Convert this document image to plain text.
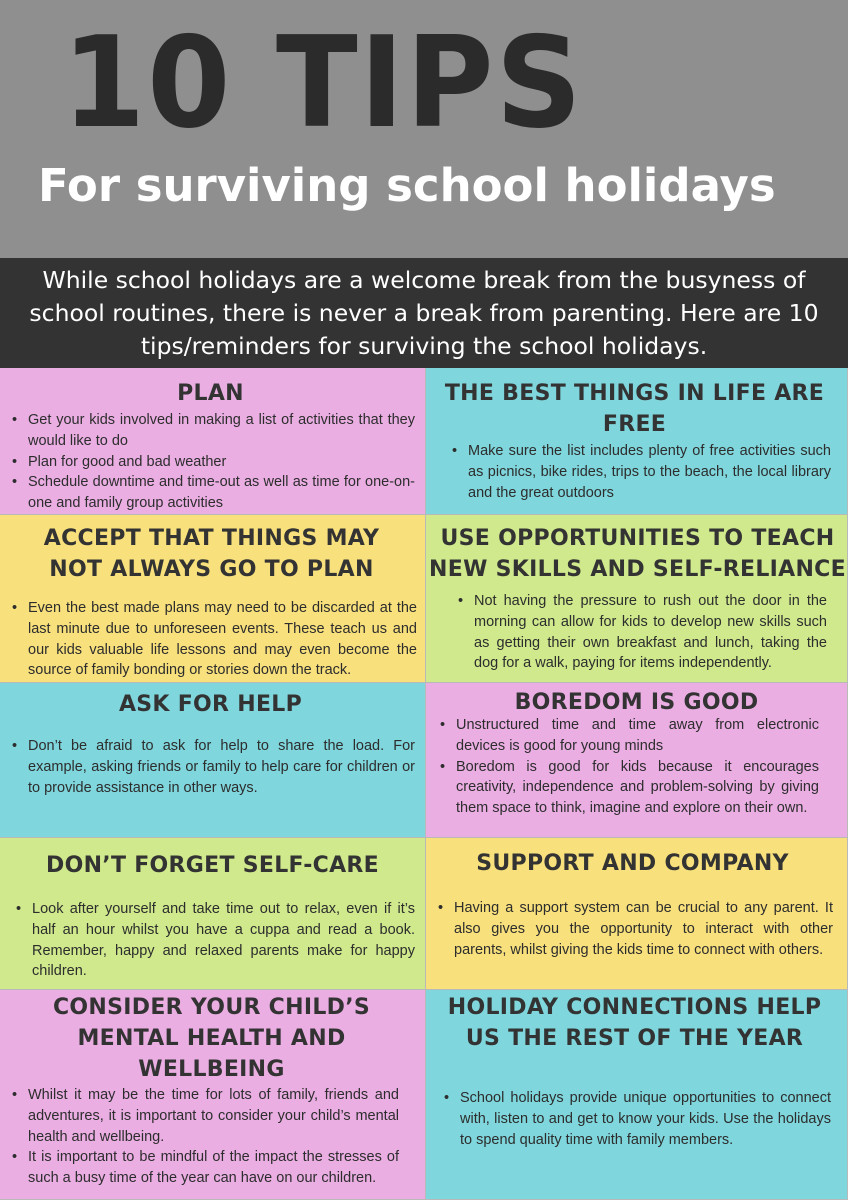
10 TIPS
For surviving school holidays
While school holidays are a welcome break from the busyness of school routines, there is never a break from parenting. Here are 10 tips/reminders for surviving the school holidays.
PLAN
• Get your kids involved in making a list of activities that they would like to do
• Plan for good and bad weather
• Schedule downtime and time-out as well as time for one-on-one and family group activities
THE BEST THINGS IN LIFE ARE FREE
• Make sure the list includes plenty of free activities such as picnics, bike rides, trips to the beach, the local library and the great outdoors
ACCEPT THAT THINGS MAY NOT ALWAYS GO TO PLAN
• Even the best made plans may need to be discarded at the last minute due to unforeseen events. These teach us and our kids valuable life lessons and may even become the source of family bonding or stories down the track.
USE OPPORTUNITIES TO TEACH NEW SKILLS AND SELF-RELIANCE
• Not having the pressure to rush out the door in the morning can allow for kids to develop new skills such as getting their own breakfast and lunch, taking the dog for a walk, paying for items independently.
ASK FOR HELP
• Don’t be afraid to ask for help to share the load. For example, asking friends or family to help care for children or to provide assistance in other ways.
BOREDOM IS GOOD
• Unstructured time and time away from electronic devices is good for young minds
• Boredom is good for kids because it encourages creativity, independence and problem-solving by giving them space to think, imagine and explore on their own.
DON’T FORGET SELF-CARE
• Look after yourself and take time out to relax, even if it’s half an hour whilst you have a cuppa and read a book. Remember, happy and relaxed parents make for happy children.
SUPPORT AND COMPANY
• Having a support system can be crucial to any parent. It also gives you the opportunity to interact with other parents, whilst giving the kids time to connect with others.
CONSIDER YOUR CHILD’S MENTAL HEALTH AND WELLBEING
• Whilst it may be the time for lots of family, friends and adventures, it is important to consider your child’s mental health and wellbeing.
• It is important to be mindful of the impact the stresses of such a busy time of the year can have on our children.
HOLIDAY CONNECTIONS HELP US THE REST OF THE YEAR
• School holidays provide unique opportunities to connect with, listen to and get to know your kids. Use the holidays to spend quality time with family members.
